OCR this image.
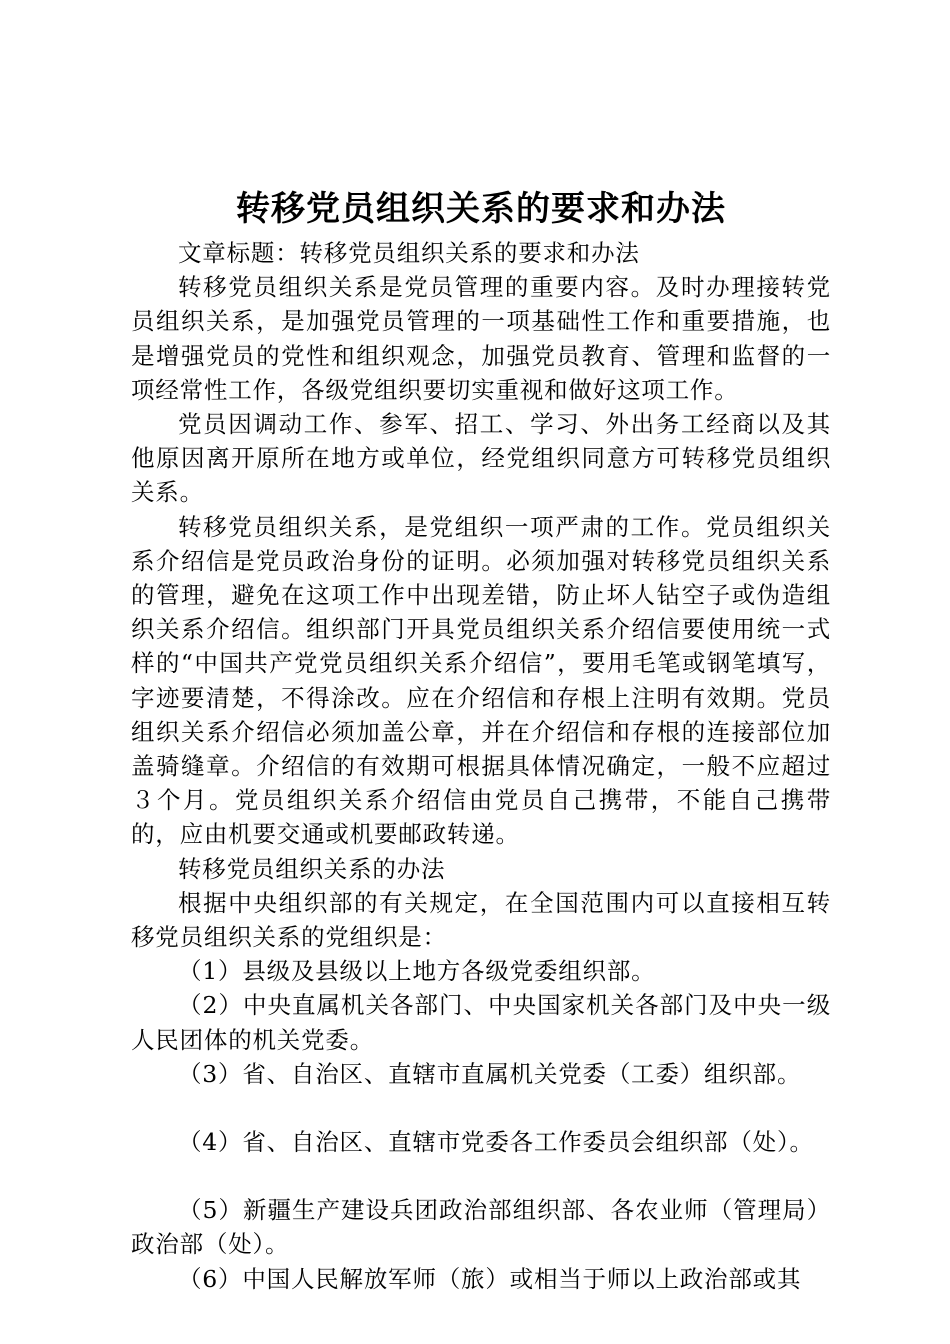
转移党员组织关系的要求和办法

文章标题：转移党员组织关系的要求和办法

转移党员组织关系是党员管理的重要内容。及时办理接转党员组织关系，是加强党员管理的一项基础性工作和重要措施，也是增强党员的党性和组织观念，加强党员教育、管理和监督的一项经常性工作，各级党组织要切实重视和做好这项工作。

党员因调动工作、参军、招工、学习、外出务工经商以及其他原因离开原所在地方或单位，经党组织同意方可转移党员组织关系。

转移党员组织关系，是党组织一项严肃的工作。党员组织关系介绍信是党员政治身份的证明。必须加强对转移党员组织关系的管理，避免在这项工作中出现差错，防止坏人钻空子或伪造组织关系介绍信。组织部门开具党员组织关系介绍信要使用统一式样的“中国共产党党员组织关系介绍信”，要用毛笔或钢笔填写，字迹要清楚，不得涂改。应在介绍信和存根上注明有效期。党员组织关系介绍信必须加盖公章，并在介绍信和存根的连接部位加盖骑缝章。介绍信的有效期可根据具体情况确定，一般不应超过３个月。党员组织关系介绍信由党员自己携带，不能自己携带的，应由机要交通或机要邮政转递。

转移党员组织关系的办法

根据中央组织部的有关规定，在全国范围内可以直接相互转移党员组织关系的党组织是：

（1）县级及县级以上地方各级党委组织部。

（2）中央直属机关各部门、中央国家机关各部门及中央一级人民团体的机关党委。

（3）省、自治区、直辖市直属机关党委（工委）组织部。

（4）省、自治区、直辖市党委各工作委员会组织部（处）。

（5）新疆生产建设兵团政治部组织部、各农业师（管理局）政治部（处）。

（6）中国人民解放军师（旅）或相当于师以上政治部或其
